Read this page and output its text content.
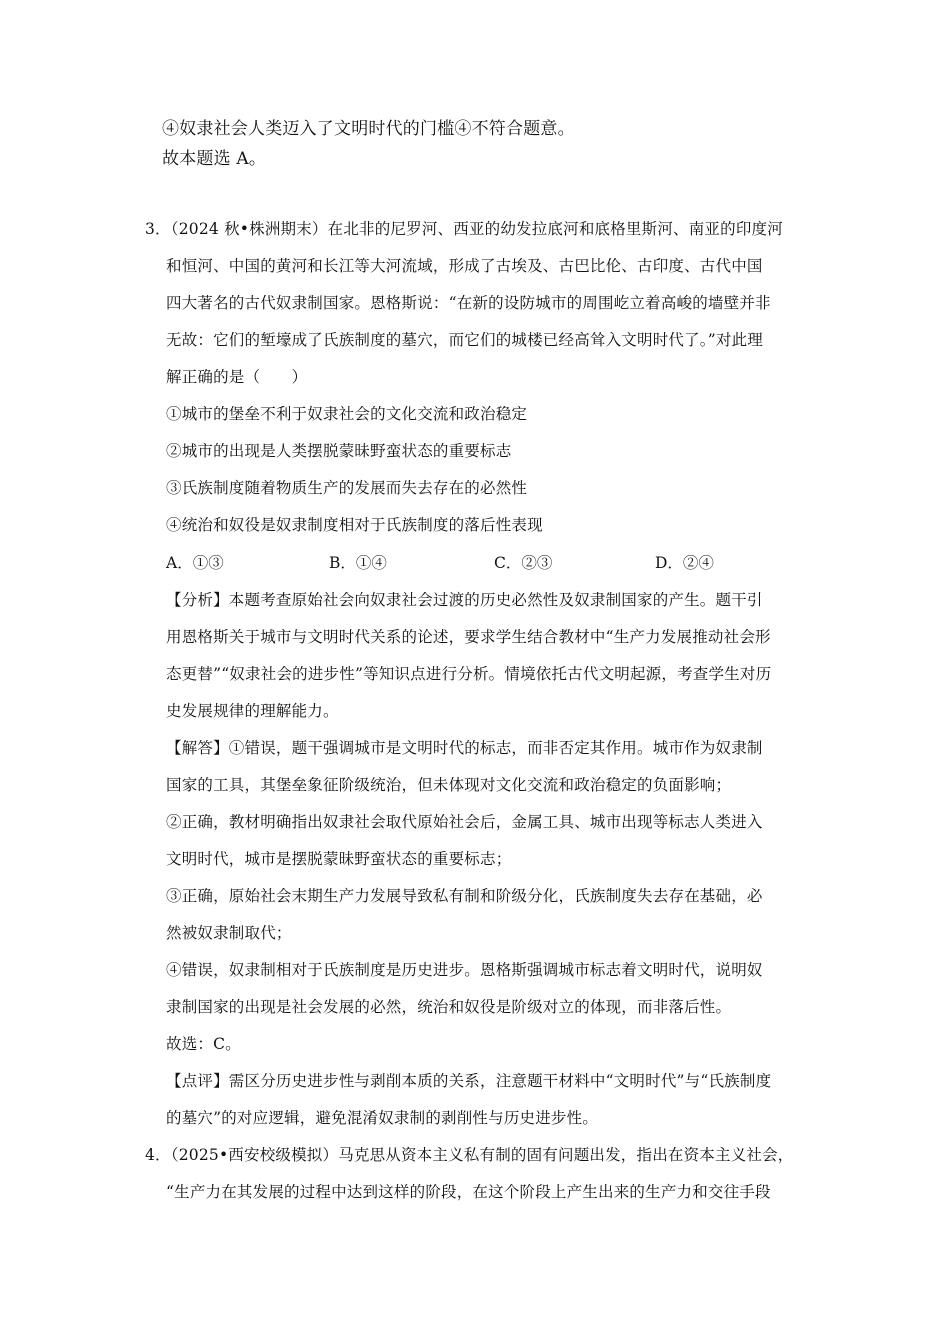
④奴隶社会人类迈入了文明时代的门槛④不符合题意。
故本题选 A。
3．（2024 秋•株洲期末）在北非的尼罗河、西亚的幼发拉底河和底格里斯河、南亚的印度河
和恒河、中国的黄河和长江等大河流域，形成了古埃及、古巴比伦、古印度、古代中国
四大著名的古代奴隶制国家。恩格斯说：“在新的设防城市的周围屹立着高峻的墙壁并非
无故：它们的堑壕成了氏族制度的墓穴，而它们的城楼已经高耸入文明时代了。”对此理
解正确的是（　　）
①城市的堡垒不利于奴隶社会的文化交流和政治稳定
②城市的出现是人类摆脱蒙昧野蛮状态的重要标志
③氏族制度随着物质生产的发展而失去存在的必然性
④统治和奴役是奴隶制度相对于氏族制度的落后性表现
A．①③	B．①④	C．②③	D．②④
【分析】本题考查原始社会向奴隶社会过渡的历史必然性及奴隶制国家的产生。题干引
用恩格斯关于城市与文明时代关系的论述，要求学生结合教材中“生产力发展推动社会形
态更替”“奴隶社会的进步性”等知识点进行分析。情境依托古代文明起源，考查学生对历
史发展规律的理解能力。
【解答】①错误，题干强调城市是文明时代的标志，而非否定其作用。城市作为奴隶制
国家的工具，其堡垒象征阶级统治，但未体现对文化交流和政治稳定的负面影响；
②正确，教材明确指出奴隶社会取代原始社会后，金属工具、城市出现等标志人类进入
文明时代，城市是摆脱蒙昧野蛮状态的重要标志；
③正确，原始社会末期生产力发展导致私有制和阶级分化，氏族制度失去存在基础，必
然被奴隶制取代；
④错误，奴隶制相对于氏族制度是历史进步。恩格斯强调城市标志着文明时代，说明奴
隶制国家的出现是社会发展的必然，统治和奴役是阶级对立的体现，而非落后性。
故选：C。
【点评】需区分历史进步性与剥削本质的关系，注意题干材料中“文明时代”与“氏族制度
的墓穴”的对应逻辑，避免混淆奴隶制的剥削性与历史进步性。
4．（2025•西安校级模拟）马克思从资本主义私有制的固有问题出发，指出在资本主义社会，
“生产力在其发展的过程中达到这样的阶段，在这个阶段上产生出来的生产力和交往手段
